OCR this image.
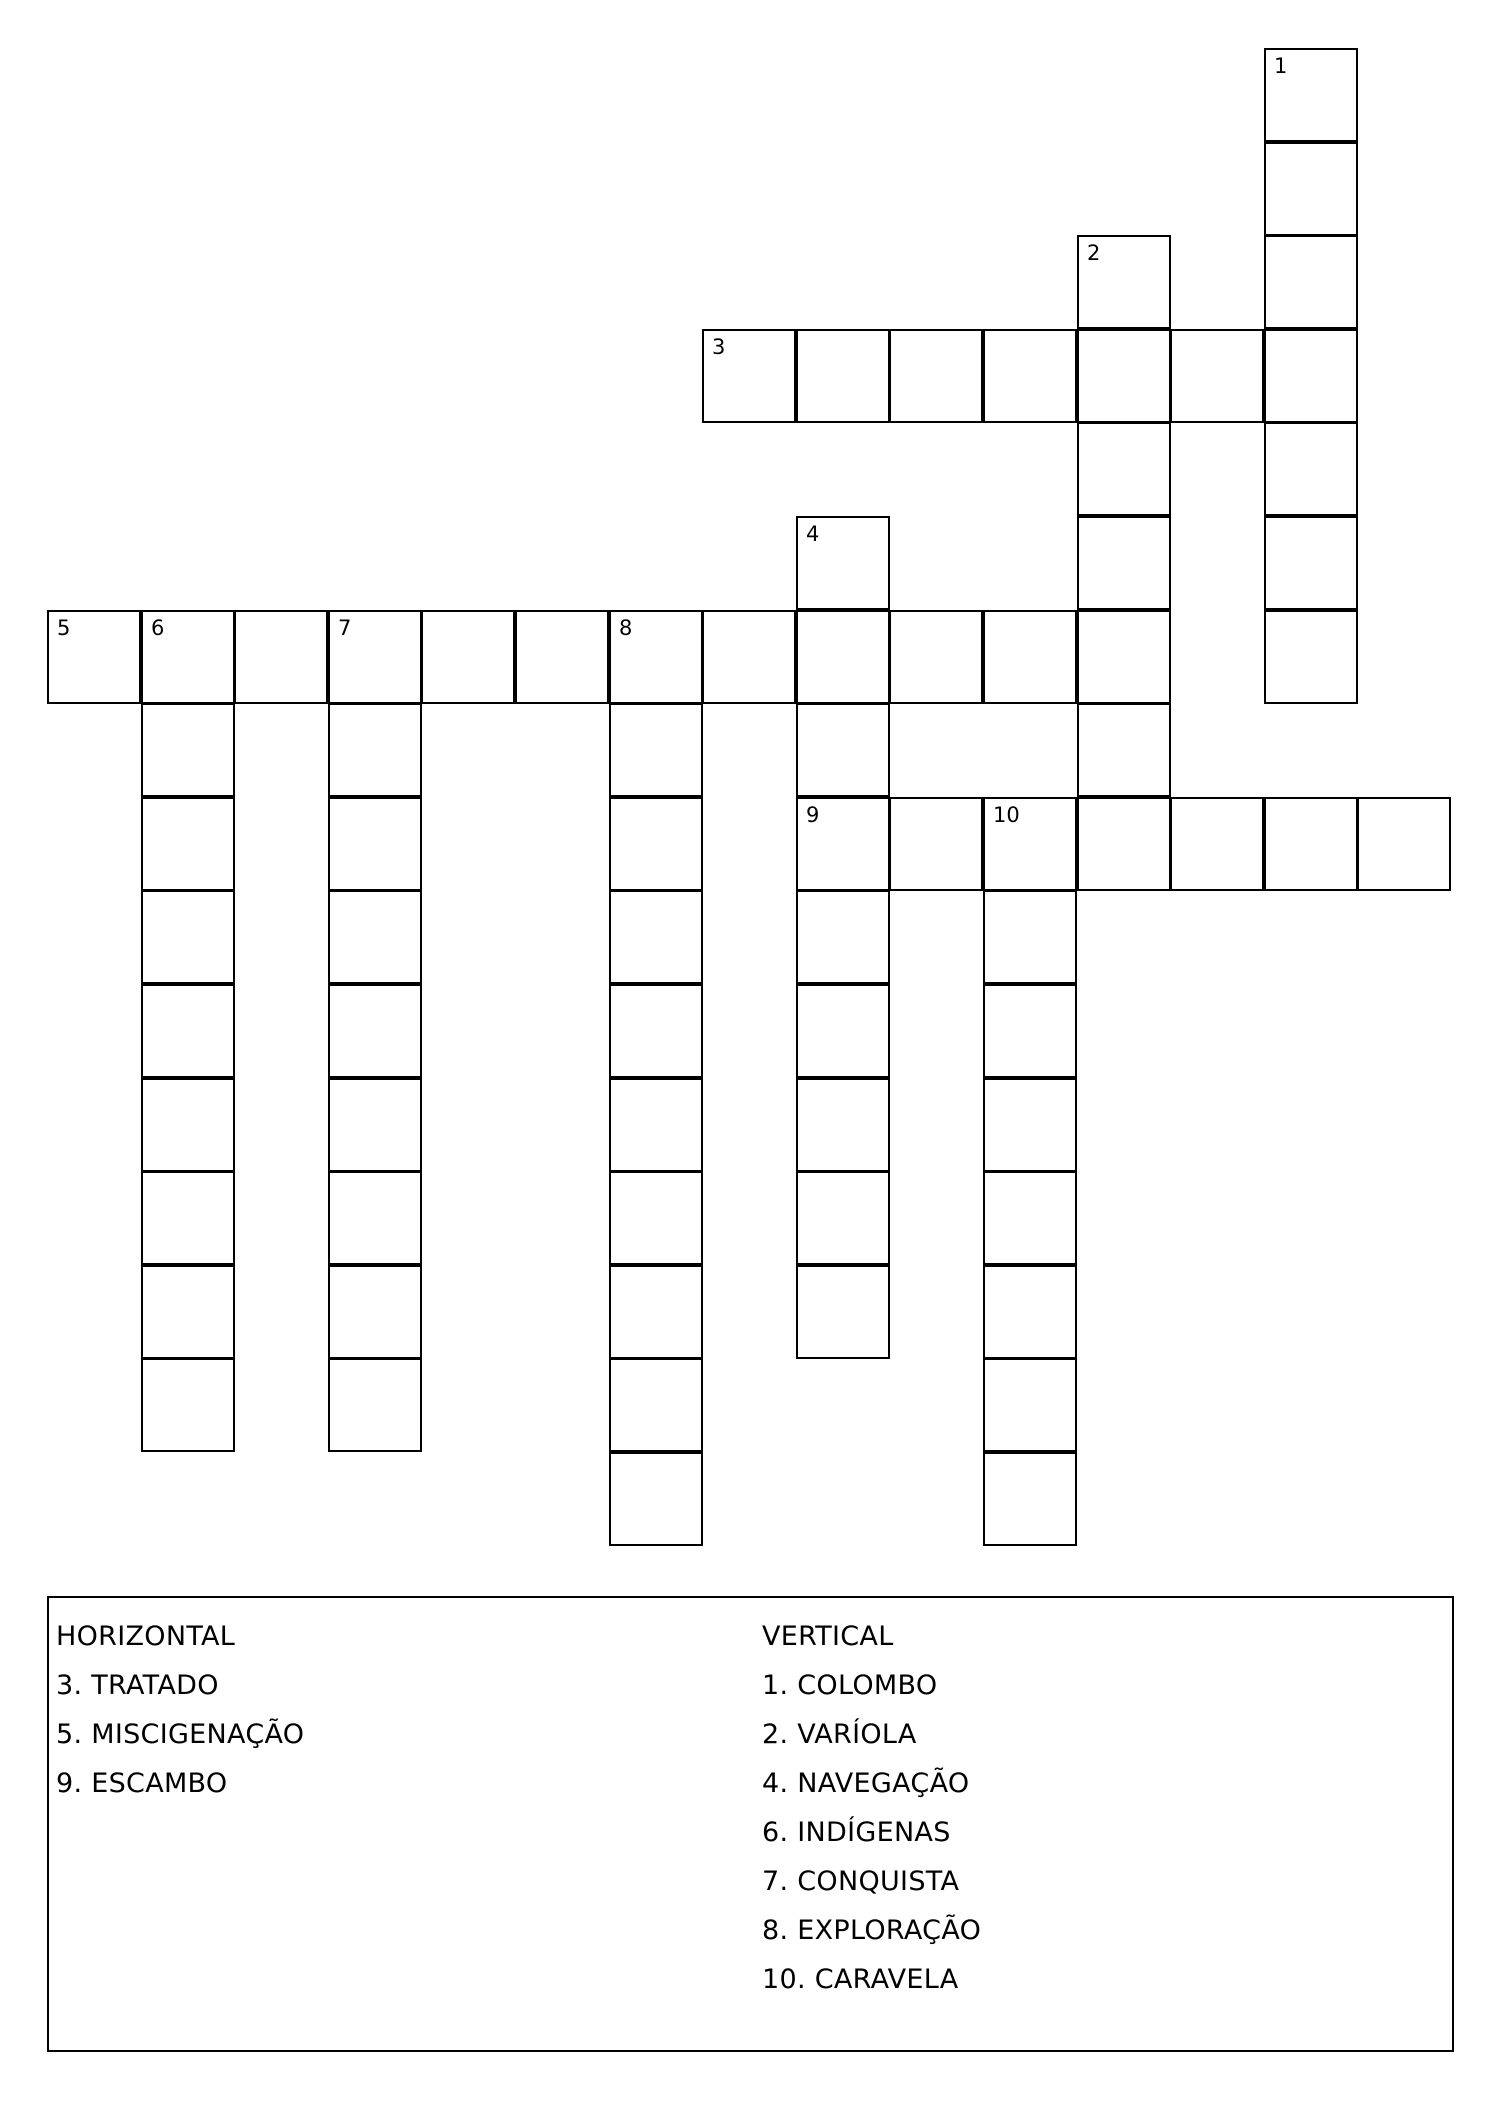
1
2
3
4
5	6	7	8
9	10
HORIZONTAL
3. TRATADO
5. MISCIGENAÇÃO
9. ESCAMBO
VERTICAL
1. COLOMBO
2. VARÍOLA
4. NAVEGAÇÃO
6. INDÍGENAS
7. CONQUISTA
8. EXPLORAÇÃO
10. CARAVELA
